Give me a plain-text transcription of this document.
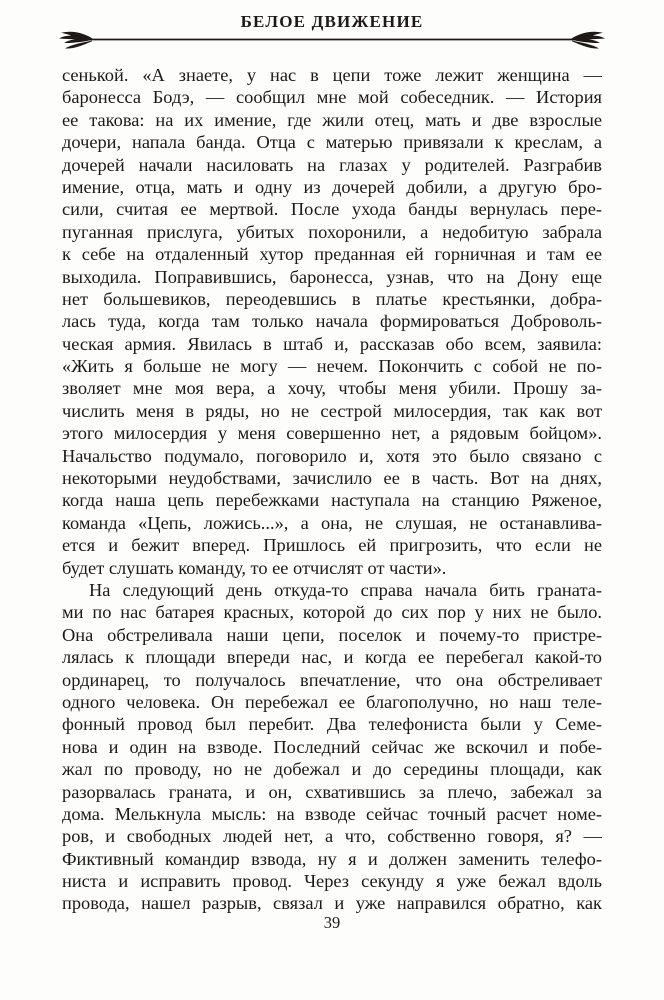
БЕЛОЕ ДВИЖЕНИЕ
сенькой. «А знаете, у нас в цепи тоже лежит женщина —
баронесса Бодэ, — сообщил мне мой собеседник. — История
ее такова: на их имение, где жили отец, мать и две взрослые
дочери, напала банда. Отца с матерью привязали к креслам, а
дочерей начали насиловать на глазах у родителей. Разграбив
имение, отца, мать и одну из дочерей добили, а другую бро-
сили, считая ее мертвой. После ухода банды вернулась пере-
пуганная прислуга, убитых похоронили, а недобитую забрала
к себе на отдаленный хутор преданная ей горничная и там ее
выходила. Поправившись, баронесса, узнав, что на Дону еще
нет большевиков, переодевшись в платье крестьянки, добра-
лась туда, когда там только начала формироваться Доброволь-
ческая армия. Явилась в штаб и, рассказав обо всем, заявила:
«Жить я больше не могу — нечем. Покончить с собой не по-
зволяет мне моя вера, а хочу, чтобы меня убили. Прошу за-
числить меня в ряды, но не сестрой милосердия, так как вот
этого милосердия у меня совершенно нет, а рядовым бойцом».
Начальство подумало, поговорило и, хотя это было связано с
некоторыми неудобствами, зачислило ее в часть. Вот на днях,
когда наша цепь перебежками наступала на станцию Ряженое,
команда «Цепь, ложись...», а она, не слушая, не останавлива-
ется и бежит вперед. Пришлось ей пригрозить, что если не
будет слушать команду, то ее отчислят от части».
На следующий день откуда-то справа начала бить граната-
ми по нас батарея красных, которой до сих пор у них не было.
Она обстреливала наши цепи, поселок и почему-то пристре-
лялась к площади впереди нас, и когда ее перебегал какой-то
ординарец, то получалось впечатление, что она обстреливает
одного человека. Он перебежал ее благополучно, но наш теле-
фонный провод был перебит. Два телефониста были у Семе-
нова и один на взводе. Последний сейчас же вскочил и побе-
жал по проводу, но не добежал и до середины площади, как
разорвалась граната, и он, схватившись за плечо, забежал за
дома. Мелькнула мысль: на взводе сейчас точный расчет номе-
ров, и свободных людей нет, а что, собственно говоря, я? —
Фиктивный командир взвода, ну я и должен заменить телефо-
ниста и исправить провод. Через секунду я уже бежал вдоль
провода, нашел разрыв, связал и уже направился обратно, как
39
